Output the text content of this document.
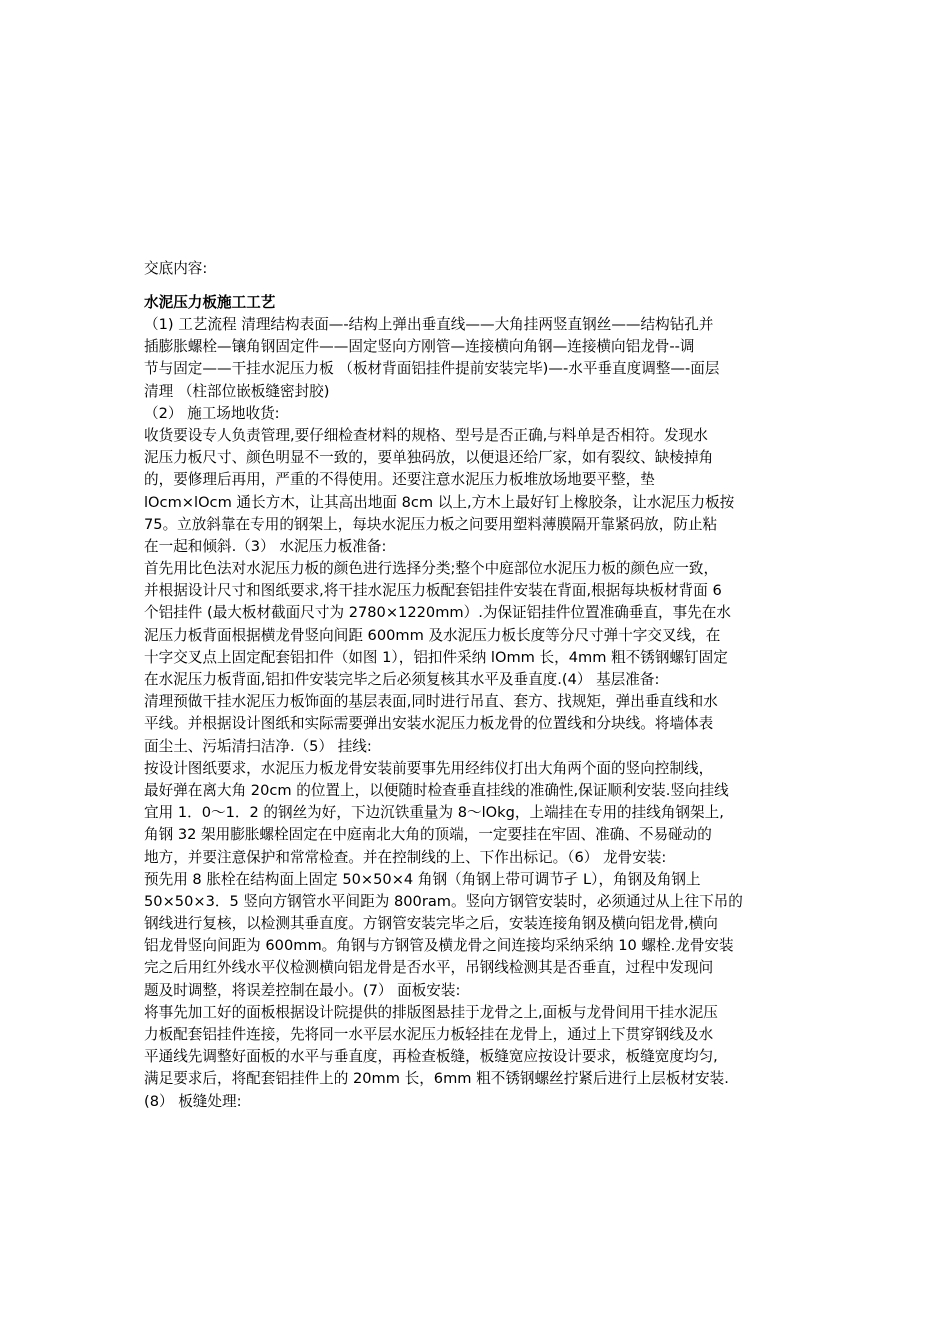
交底内容:
水泥压力板施工工艺
（1) 工艺流程 清理结构表面—-结构上弹出垂直线——大角挂两竖直钢丝——结构钻孔并
插膨胀螺栓—镶角钢固定件——固定竖向方刚管—连接横向角钢—连接横向铝龙骨--调
节与固定——干挂水泥压力板 （板材背面铝挂件提前安装完毕)—-水平垂直度调整—-面层
清理 （柱部位嵌板缝密封胶)
（2） 施工场地收货:
收货要设专人负责管理,要仔细检查材料的规格、型号是否正确,与料单是否相符。发现水
泥压力板尺寸、颜色明显不一致的，要单独码放，以便退还给厂家，如有裂纹、缺棱掉角
的，要修理后再用，严重的不得使用。还要注意水泥压力板堆放场地要平整，垫
lOcm×lOcm 通长方木，让其高出地面 8cm 以上,方木上最好钉上橡胶条，让水泥压力板按
75。立放斜靠在专用的钢架上，每块水泥压力板之问要用塑料薄膜隔开靠紧码放，防止粘
在一起和倾斜.（3） 水泥压力板准备:
首先用比色法对水泥压力板的颜色进行选择分类;整个中庭部位水泥压力板的颜色应一致，
并根据设计尺寸和图纸要求,将干挂水泥压力板配套铝挂件安装在背面,根据每块板材背面 6
个铝挂件 (最大板材截面尺寸为 2780×1220mm）.为保证铝挂件位置准确垂直，事先在水
泥压力板背面根据横龙骨竖向间距 600mm 及水泥压力板长度等分尺寸弹十字交叉线，在
十字交叉点上固定配套铝扣件（如图 1），铝扣件采纳 lOmm 长，4mm 粗不锈钢螺钉固定
在水泥压力板背面,铝扣件安装完毕之后必须复核其水平及垂直度.(4） 基层准备:
清理预做干挂水泥压力板饰面的基层表面,同时进行吊直、套方、找规矩，弹出垂直线和水
平线。并根据设计图纸和实际需要弹出安装水泥压力板龙骨的位置线和分块线。将墙体表
面尘土、污垢清扫洁净.（5） 挂线:
按设计图纸要求，水泥压力板龙骨安装前要事先用经纬仪打出大角两个面的竖向控制线，
最好弹在离大角 20cm 的位置上，以便随时检查垂直挂线的准确性,保证顺利安装.竖向挂线
宜用 1．0～1．2 的钢丝为好，下边沉铁重量为 8～lOkg，上端挂在专用的挂线角钢架上,
角钢 32 架用膨胀螺栓固定在中庭南北大角的顶端，一定要挂在牢固、准确、不易碰动的
地方，并要注意保护和常常检查。并在控制线的上、下作出标记。（6） 龙骨安装:
预先用 8 胀栓在结构面上固定 50×50×4 角钢（角钢上带可调节孑 L），角钢及角钢上
50×50×3．5 竖向方钢管水平间距为 800ram。竖向方钢管安装时，必须通过从上往下吊的
钢线进行复核，以检测其垂直度。方钢管安装完毕之后，安装连接角钢及横向铝龙骨,横向
铝龙骨竖向间距为 600mm。角钢与方钢管及横龙骨之间连接均采纳采纳 10 螺栓.龙骨安装
完之后用红外线水平仪检测横向铝龙骨是否水平，吊钢线检测其是否垂直，过程中发现问
题及时调整，将误差控制在最小。(7） 面板安装:
将事先加工好的面板根据设计院提供的排版图悬挂于龙骨之上,面板与龙骨间用干挂水泥压
力板配套铝挂件连接，先将同一水平层水泥压力板轻挂在龙骨上，通过上下贯穿钢线及水
平通线先调整好面板的水平与垂直度，再检查板缝，板缝宽应按设计要求，板缝宽度均匀,
满足要求后，将配套铝挂件上的 20mm 长，6mm 粗不锈钢螺丝拧紧后进行上层板材安装.
(8） 板缝处理:
